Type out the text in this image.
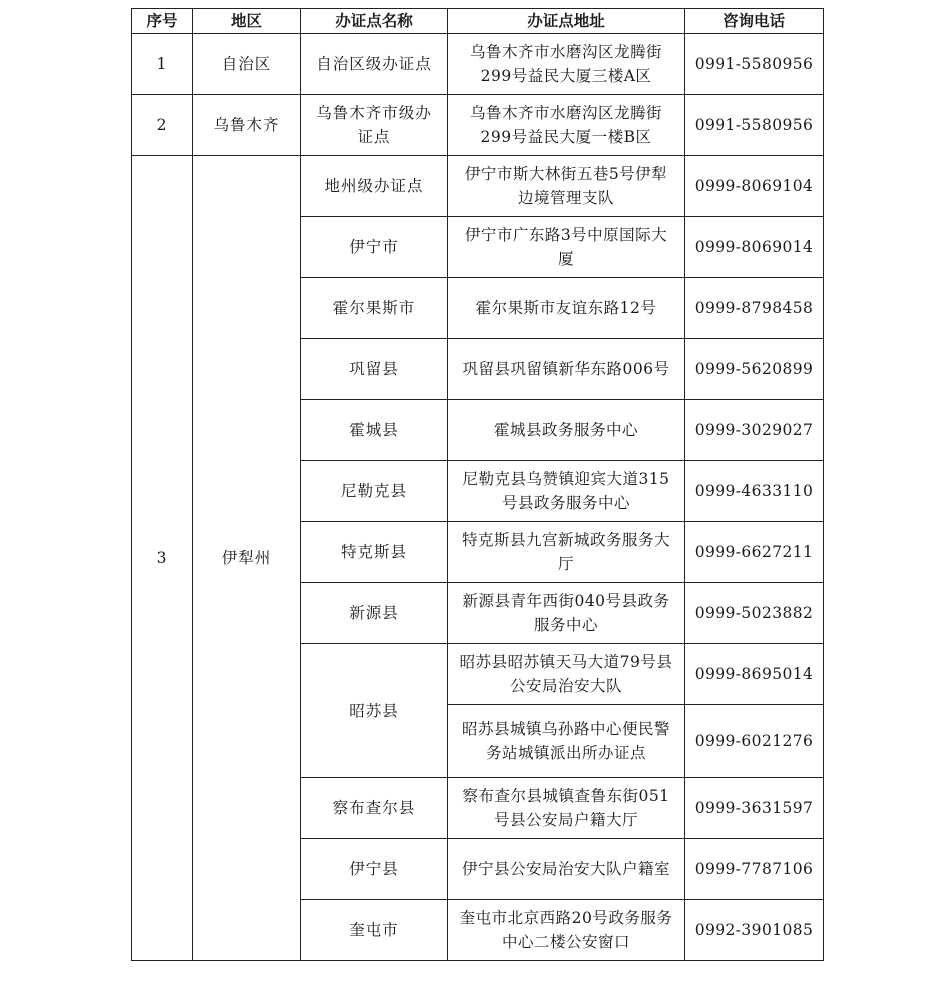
序号	地区	办证点名称	办证点地址	咨询电话
1	自治区	自治区级办证点	乌鲁木齐市水磨沟区龙腾街299号益民大厦三楼A区	0991-5580956
2	乌鲁木齐	乌鲁木齐市级办证点	乌鲁木齐市水磨沟区龙腾街299号益民大厦一楼B区	0991-5580956
3	伊犁州	地州级办证点	伊宁市斯大林街五巷5号伊犁边境管理支队	0999-8069104
		伊宁市	伊宁市广东路3号中原国际大厦	0999-8069014
		霍尔果斯市	霍尔果斯市友谊东路12号	0999-8798458
		巩留县	巩留县巩留镇新华东路006号	0999-5620899
		霍城县	霍城县政务服务中心	0999-3029027
		尼勒克县	尼勒克县乌赞镇迎宾大道315号县政务服务中心	0999-4633110
		特克斯县	特克斯县九宫新城政务服务大厅	0999-6627211
		新源县	新源县青年西街040号县政务服务中心	0999-5023882
		昭苏县	昭苏县昭苏镇天马大道79号县公安局治安大队	0999-8695014
			昭苏县城镇乌孙路中心便民警务站城镇派出所办证点	0999-6021276
		察布查尔县	察布查尔县城镇查鲁东街051号县公安局户籍大厅	0999-3631597
		伊宁县	伊宁县公安局治安大队户籍室	0999-7787106
		奎屯市	奎屯市北京西路20号政务服务中心二楼公安窗口	0992-3901085
